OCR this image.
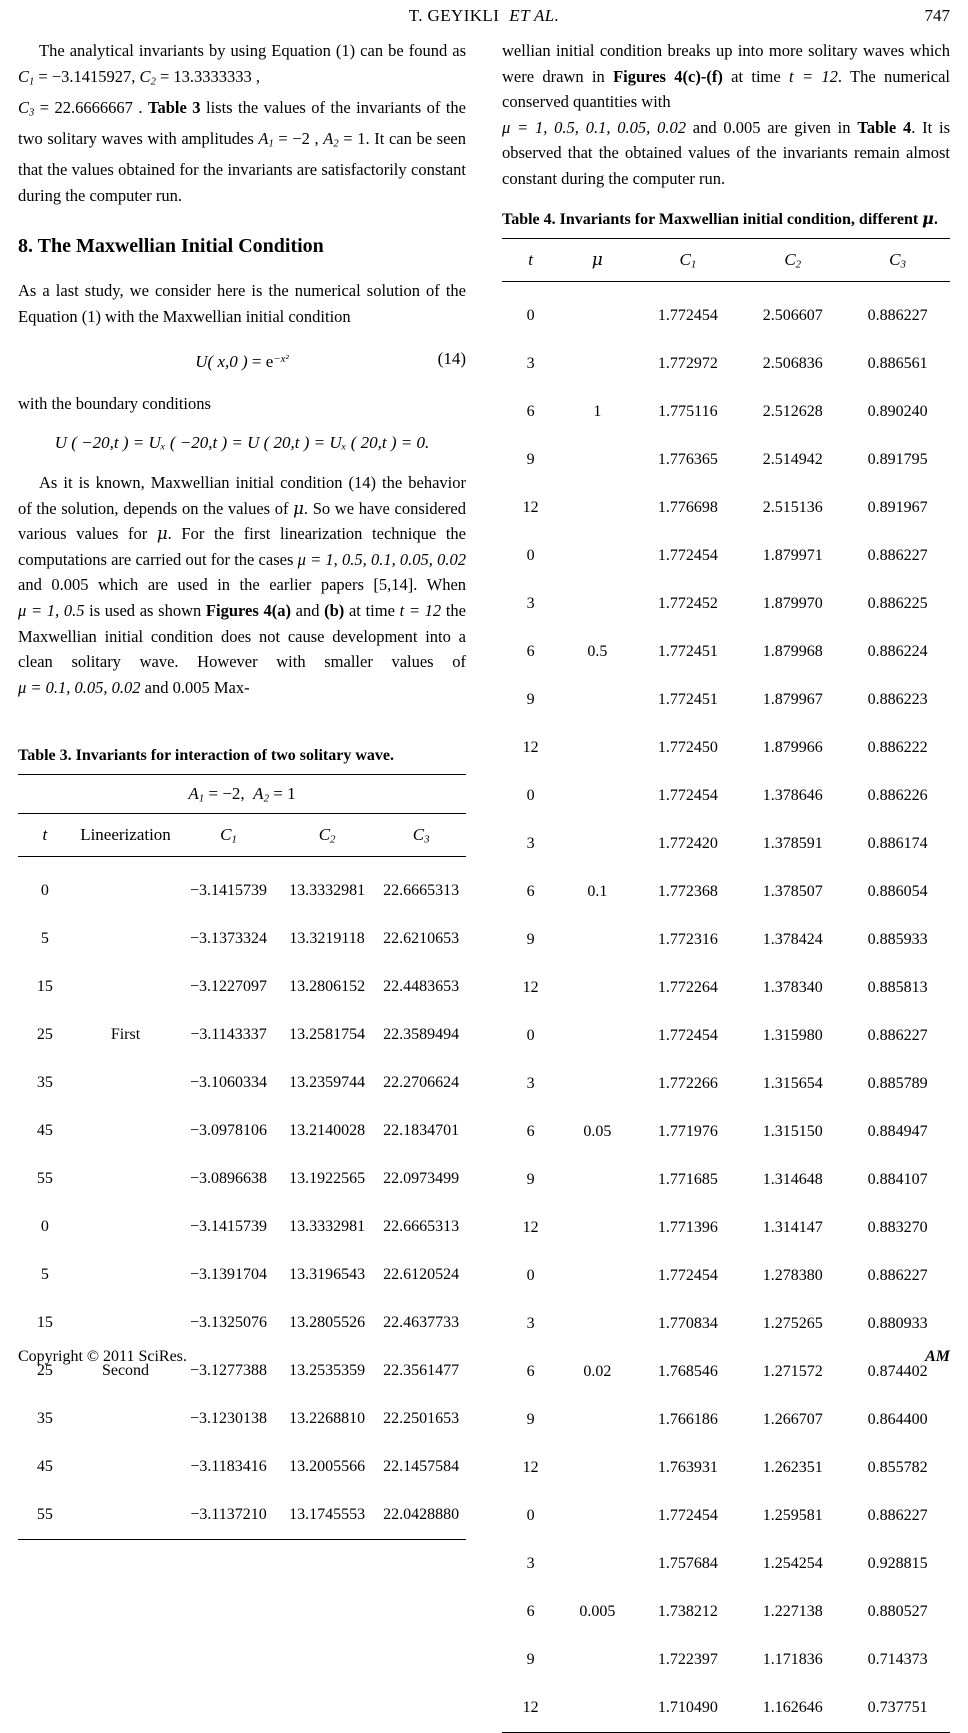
T. GEYIKLI ET AL.	747

The analytical invariants by using Equation (1) can be found as $C_1 = -3.1415927$, $C_2 = 13.3333333$ ,
$C_3 = 22.6666667$ . Table 3 lists the values of the invariants of the two solitary waves with amplitudes $A_1 = -2$ , $A_2 = 1$. It can be seen that the values obtained for the invariants are satisfactorily constant during the computer run.

8. The Maxwellian Initial Condition

As a last study, we consider here is the numerical solution of the Equation (1) with the Maxwellian initial condition

U( x,0 ) = $e^{-x^2}$	(14)

with the boundary conditions

U ( −20,t ) = Uₓ ( −20,t ) = U ( 20,t ) = Uₓ ( 20,t ) = 0.

As it is known, Maxwellian initial condition (14) the behavior of the solution, depends on the values of μ. So we have considered various values for μ. For the first linearization technique the computations are carried out for the cases μ = 1, 0.5, 0.1, 0.05, 0.02 and 0.005 which are used in the earlier papers [5,14]. When μ = 1, 0.5 is used as shown Figures 4(a) and (b) at time t = 12 the Maxwellian initial condition does not cause development into a clean solitary wave. However with smaller values of μ = 0.1, 0.05, 0.02 and 0.005 Max-

wellian initial condition breaks up into more solitary waves which were drawn in Figures 4(c)-(f) at time t = 12. The numerical conserved quantities with
μ = 1, 0.5, 0.1, 0.05, 0.02 and 0.005 are given in Table 4. It is observed that the obtained values of the invariants remain almost constant during the computer run.

Table 3. Invariants for interaction of two solitary wave.
$A_1 = -2$, $A_2 = 1$				
t	Lineerization	$C_1$	$C_2$	$C_3$

0		−3.1415739	13.3332981	22.6665313
5		−3.1373324	13.3219118	22.6210653
15		−3.1227097	13.2806152	22.4483653
25	First	−3.1143337	13.2581754	22.3589494
35		−3.1060334	13.2359744	22.2706624
45		−3.0978106	13.2140028	22.1834701
55		−3.0896638	13.1922565	22.0973499
0		−3.1415739	13.3332981	22.6665313
5		−3.1391704	13.3196543	22.6120524
15		−3.1325076	13.2805526	22.4637733
25	Second	−3.1277388	13.2535359	22.3561477
35		−3.1230138	13.2268810	22.2501653
45		−3.1183416	13.2005566	22.1457584
55		−3.1137210	13.1745553	22.0428880
Table 4. Invariants for Maxwellian initial condition, different μ.
t	μ	$C_1$	$C_2$	$C_3$

0		1.772454	2.506607	0.886227
3		1.772972	2.506836	0.886561
6	1	1.775116	2.512628	0.890240
9		1.776365	2.514942	0.891795
12		1.776698	2.515136	0.891967
0		1.772454	1.879971	0.886227
3		1.772452	1.879970	0.886225
6	0.5	1.772451	1.879968	0.886224
9		1.772451	1.879967	0.886223
12		1.772450	1.879966	0.886222
0		1.772454	1.378646	0.886226
3		1.772420	1.378591	0.886174
6	0.1	1.772368	1.378507	0.886054
9		1.772316	1.378424	0.885933
12		1.772264	1.378340	0.885813
0		1.772454	1.315980	0.886227
3		1.772266	1.315654	0.885789
6	0.05	1.771976	1.315150	0.884947
9		1.771685	1.314648	0.884107
12		1.771396	1.314147	0.883270
0		1.772454	1.278380	0.886227
3		1.770834	1.275265	0.880933
6	0.02	1.768546	1.271572	0.874402
9		1.766186	1.266707	0.864400
12		1.763931	1.262351	0.855782
0		1.772454	1.259581	0.886227
3		1.757684	1.254254	0.928815
6	0.005	1.738212	1.227138	0.880527
9		1.722397	1.171836	0.714373
12		1.710490	1.162646	0.737751
Copyright © 2011 SciRes.	AM
